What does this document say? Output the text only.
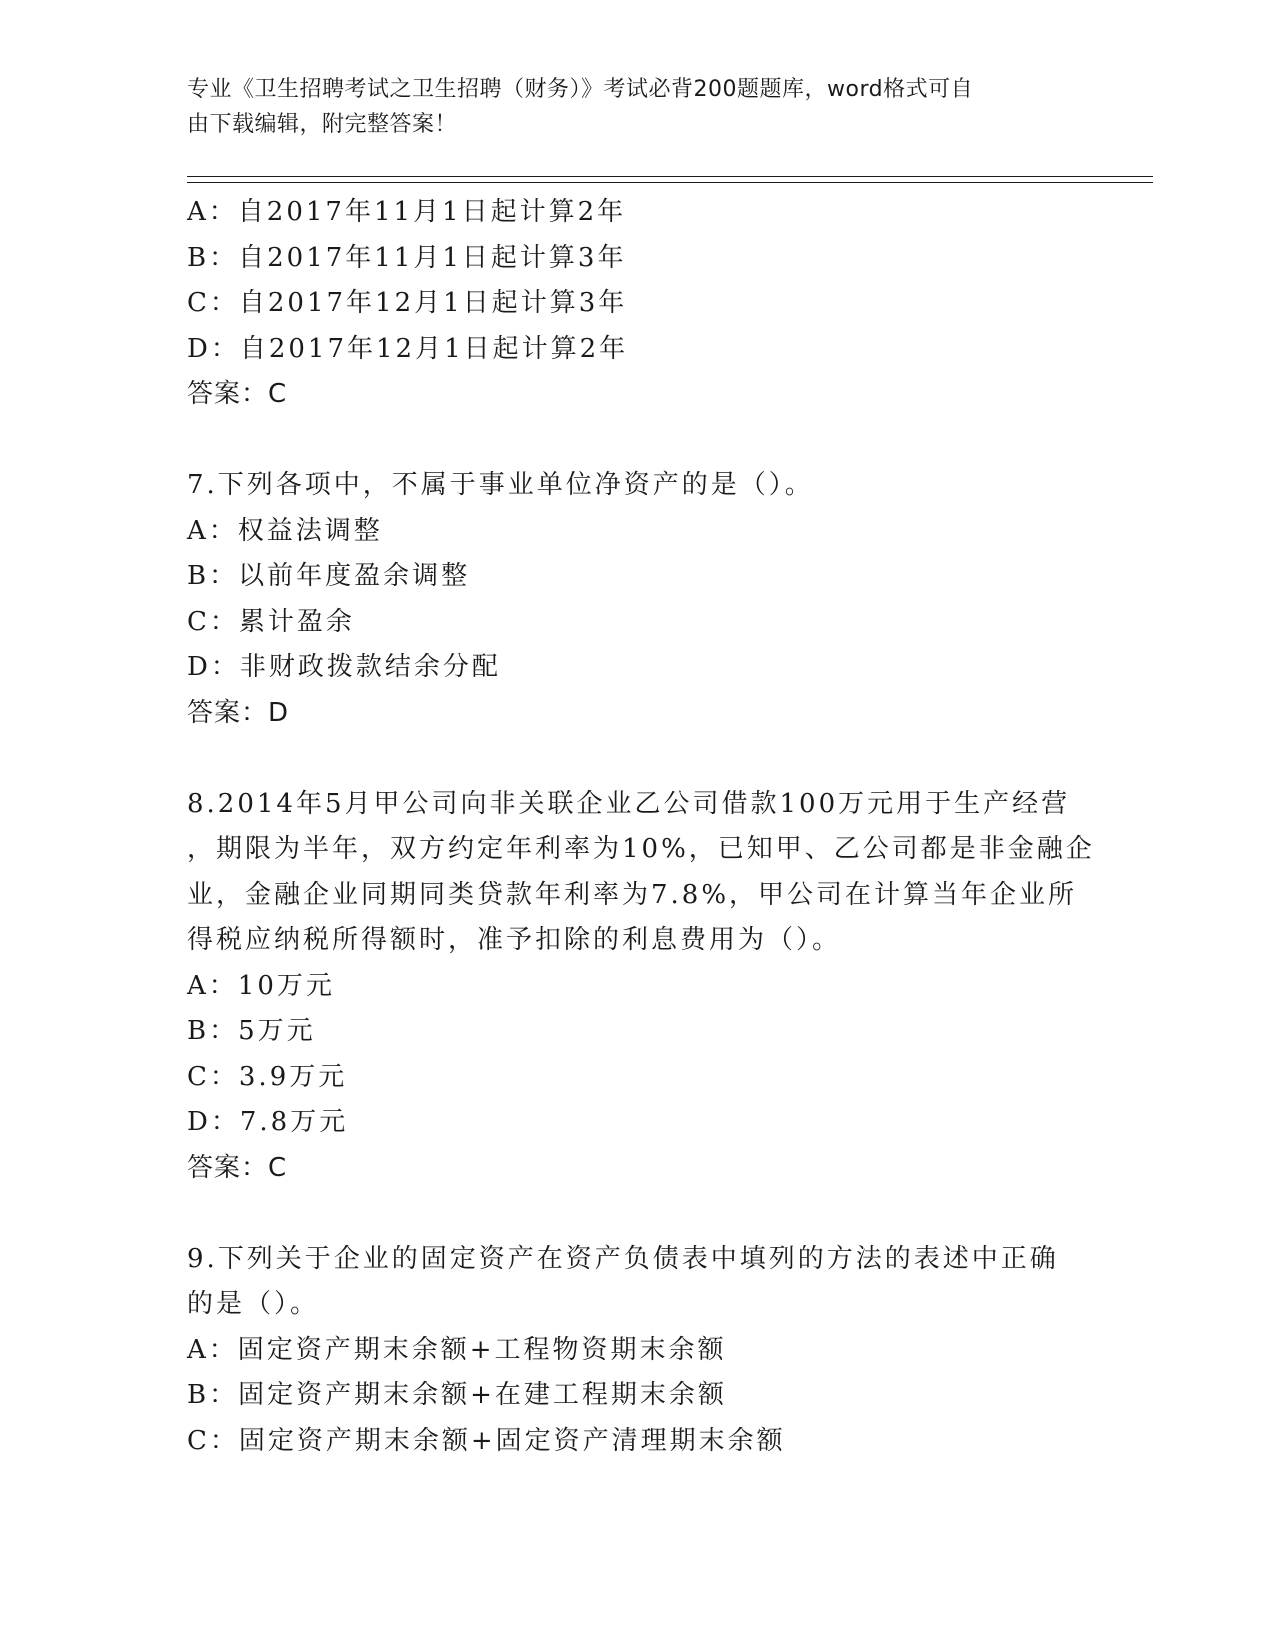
专业《卫生招聘考试之卫生招聘（财务）》考试必背200题题库，word格式可自
由下载编辑，附完整答案！
A：自2017年11月1日起计算2年
B：自2017年11月1日起计算3年
C：自2017年12月1日起计算3年
D：自2017年12月1日起计算2年
答案：C
7.下列各项中，不属于事业单位净资产的是（）。
A：权益法调整
B：以前年度盈余调整
C：累计盈余
D：非财政拨款结余分配
答案：D
8.2014年5月甲公司向非关联企业乙公司借款100万元用于生产经营
，期限为半年，双方约定年利率为10%，已知甲、乙公司都是非金融企
业，金融企业同期同类贷款年利率为7.8%，甲公司在计算当年企业所
得税应纳税所得额时，准予扣除的利息费用为（）。
A：10万元
B：5万元
C：3.9万元
D：7.8万元
答案：C
9.下列关于企业的固定资产在资产负债表中填列的方法的表述中正确
的是（）。
A：固定资产期末余额+工程物资期末余额
B：固定资产期末余额+在建工程期末余额
C：固定资产期末余额+固定资产清理期末余额
